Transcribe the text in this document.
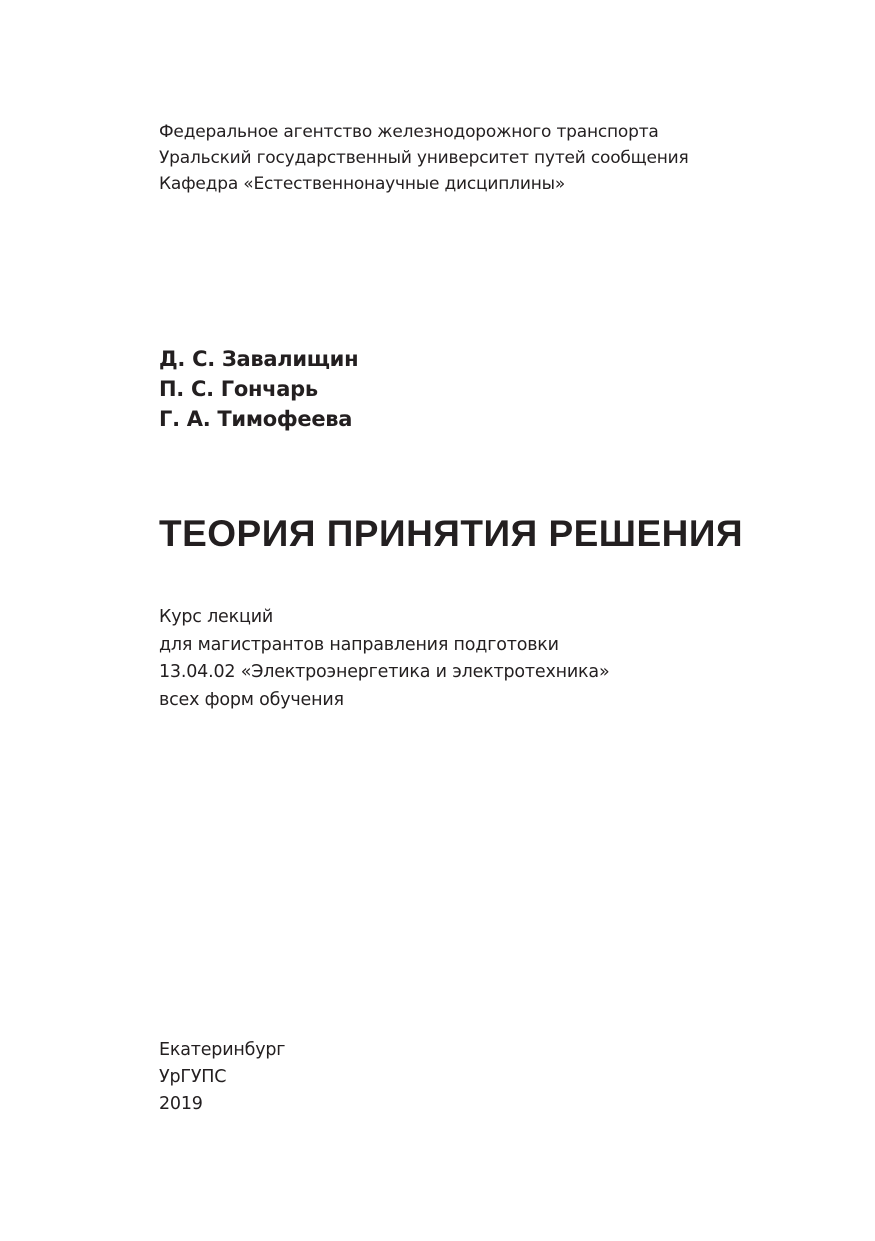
Федеральное агентство железнодорожного транспорта
Уральский государственный университет путей сообщения
Кафедра «Естественнонаучные дисциплины»
Д. С. Завалищин
П. С. Гончарь
Г. А. Тимофеева
ТЕОРИЯ ПРИНЯТИЯ РЕШЕНИЯ
Курс лекций
для магистрантов направления подготовки
13.04.02 «Электроэнергетика и электротехника»
всех форм обучения
Екатеринбург
УрГУПС
2019
